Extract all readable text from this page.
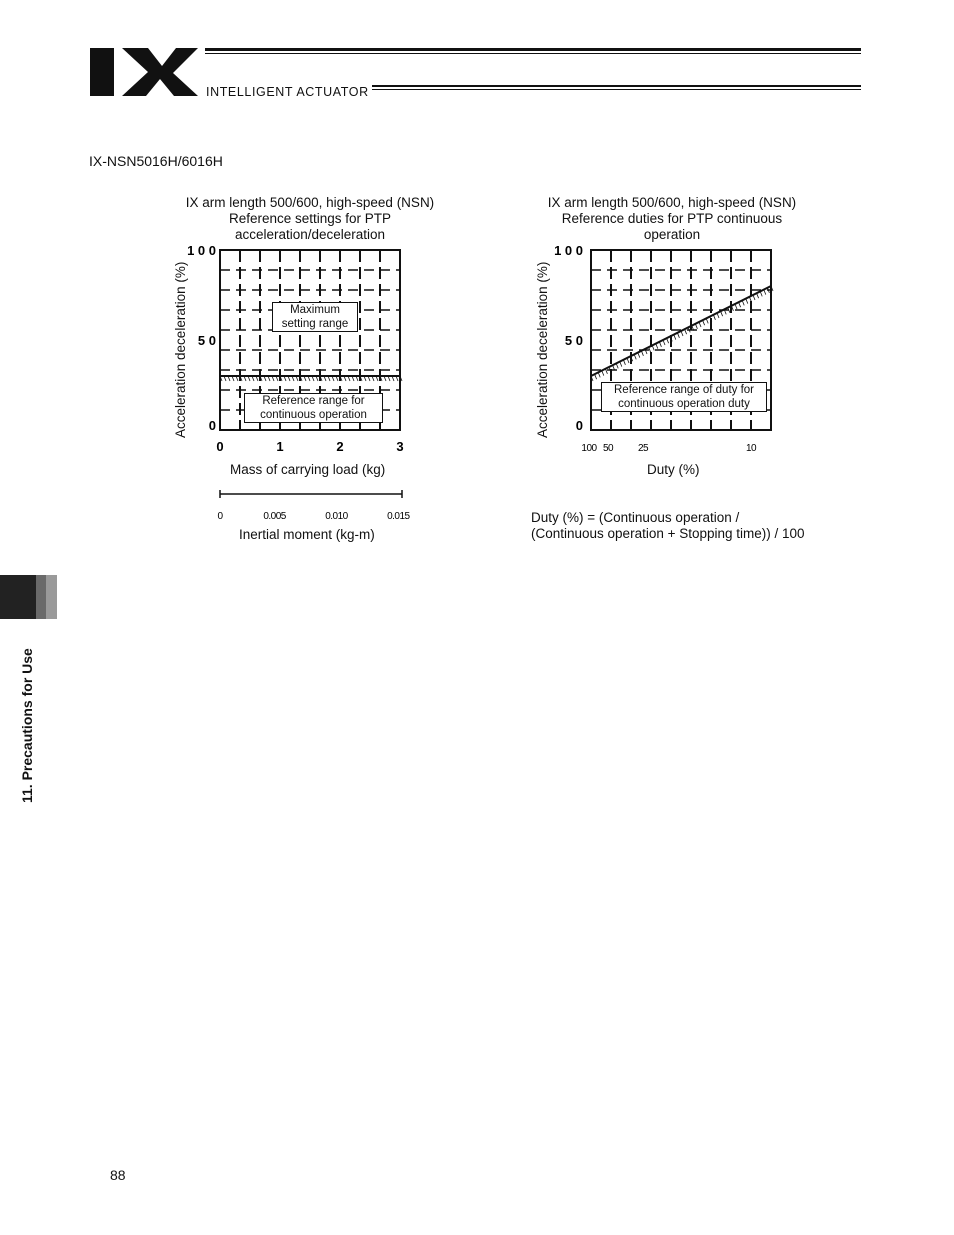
INTELLIGENT ACTUATOR
IX-NSN5016H/6016H
IX arm length 500/600, high-speed (NSN)
Reference settings for PTP
acceleration/deceleration
Acceleration deceleration (%) 0
5 0
1 0 0
0	1	2	3
Maximum
setting range
Reference range for
continuous operation
Mass of carrying load (kg)
0	0.005	0.010	0.015
Inertial moment (kg-m)
IX arm length 500/600, high-speed (NSN)
Reference duties for PTP continuous
operation
Acceleration deceleration (%) 0
5 0
1 0 0
100 50 25	10
Reference range of duty for
continuous operation duty
Duty (%)
Duty (%) = (Continuous operation /
(Continuous operation + Stopping time)) / 100
11. Precautions for Use
88
